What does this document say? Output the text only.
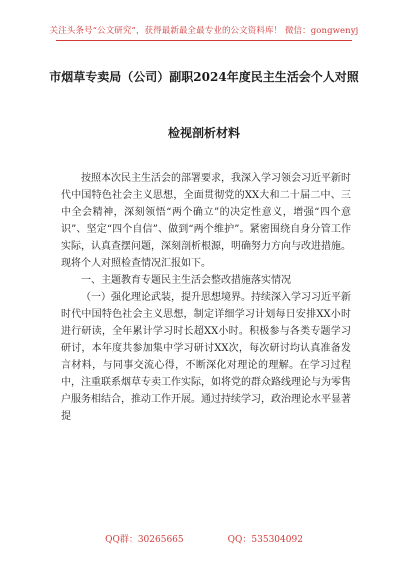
关注头条号“公文研究”，获得最新最全最专业的公文资料库！ 微信：gongwenyj
市烟草专卖局（公司）副职2024年度民主生活会个人对照
检视剖析材料

按照本次民主生活会的部署要求，我深入学习领会习近平新时代中国特色社会主义思想，全面贯彻党的XX大和二十届二中、三中全会精神，深刻领悟“两个确立”的决定性意义，增强“四个意识”、坚定“四个自信”、做到“两个维护”。紧密围绕自身分管工作实际，认真查摆问题，深刻剖析根源，明确努力方向与改进措施。现将个人对照检查情况汇报如下。

一、主题教育专题民主生活会整改措施落实情况

（一）强化理论武装，提升思想境界。持续深入学习习近平新时代中国特色社会主义思想，制定详细学习计划每日安排XX小时进行研读，全年累计学习时长超XX小时。积极参与各类专题学习研讨，本年度共参加集中学习研讨XX次，每次研讨均认真准备发言材料，与同事交流心得，不断深化对理论的理解。在学习过程中，注重联系烟草专卖工作实际，如将党的群众路线理论与为零售户服务相结合，推动工作开展。通过持续学习，政治理论水平显著提

QQ群：30265665	QQ：535304092
